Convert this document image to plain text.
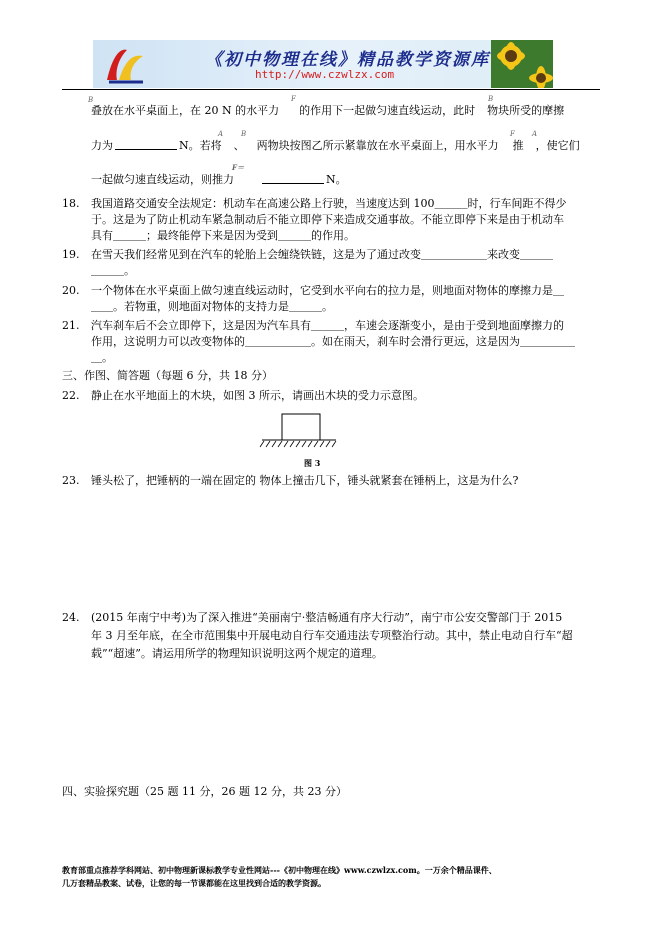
《初中物理在线》精品教学资源库
http://www.czwlzx.com
B
叠放在水平桌面上，在 20 N 的水平力 的作用下一起做匀速直线运动，此时 物块所受的摩擦
F	B
力为	N。若将 、 两物块按图乙所示紧靠放在水平桌面上，用水平力 推 ，使它们
A	B	F A
F＝
一起做匀速直线运动，则推力	N。
18. 我国道路交通安全法规定：机动车在高速公路上行驶，当速度达到 100＿＿＿时，行车间距不得少
于。这是为了防止机动车紧急制动后不能立即停下来造成交通事故。不能立即停下来是由于机动车
具有＿＿＿；最终能停下来是因为受到＿＿＿的作用。
19. 在雪天我们经常见到在汽车的轮胎上会缠绕铁链，这是为了通过改变＿＿＿＿＿＿来改变＿＿＿
＿＿＿。
20. 一个物体在水平桌面上做匀速直线运动时，它受到水平向右的拉力是，则地面对物体的摩擦力是＿
＿＿。若物重，则地面对物体的支持力是＿＿＿。
21. 汽车刹车后不会立即停下，这是因为汽车具有＿＿＿，车速会逐渐变小，是由于受到地面摩擦力的
作用，这说明力可以改变物体的＿＿＿＿＿＿。如在雨天，刹车时会滑行更远，这是因为＿＿＿＿＿
＿。
三、作图、简答题（每题 6 分，共 18 分）
22. 静止在水平地面上的木块，如图 3 所示，请画出木块的受力示意图。
图 3
23. 锤头松了，把锤柄的一端在固定的 物体上撞击几下，锤头就紧套在锤柄上，这是为什么?
24. (2015 年南宁中考)为了深入推进“美丽南宁·整洁畅通有序大行动”，南宁市公安交警部门于 2015
年 3 月至年底，在全市范围集中开展电动自行车交通违法专项整治行动。其中，禁止电动自行车“超
载”“超速”。请运用所学的物理知识说明这两个规定的道理。
四、实验探究题（25 题 11 分，26 题 12 分，共 23 分）
教育部重点推荐学科网站、初中物理新课标教学专业性网站---《初中物理在线》www.czwlzx.com。一万余个精品课件、
几万套精品教案、试卷，让您的每一节课都能在这里找到合适的教学资源。
